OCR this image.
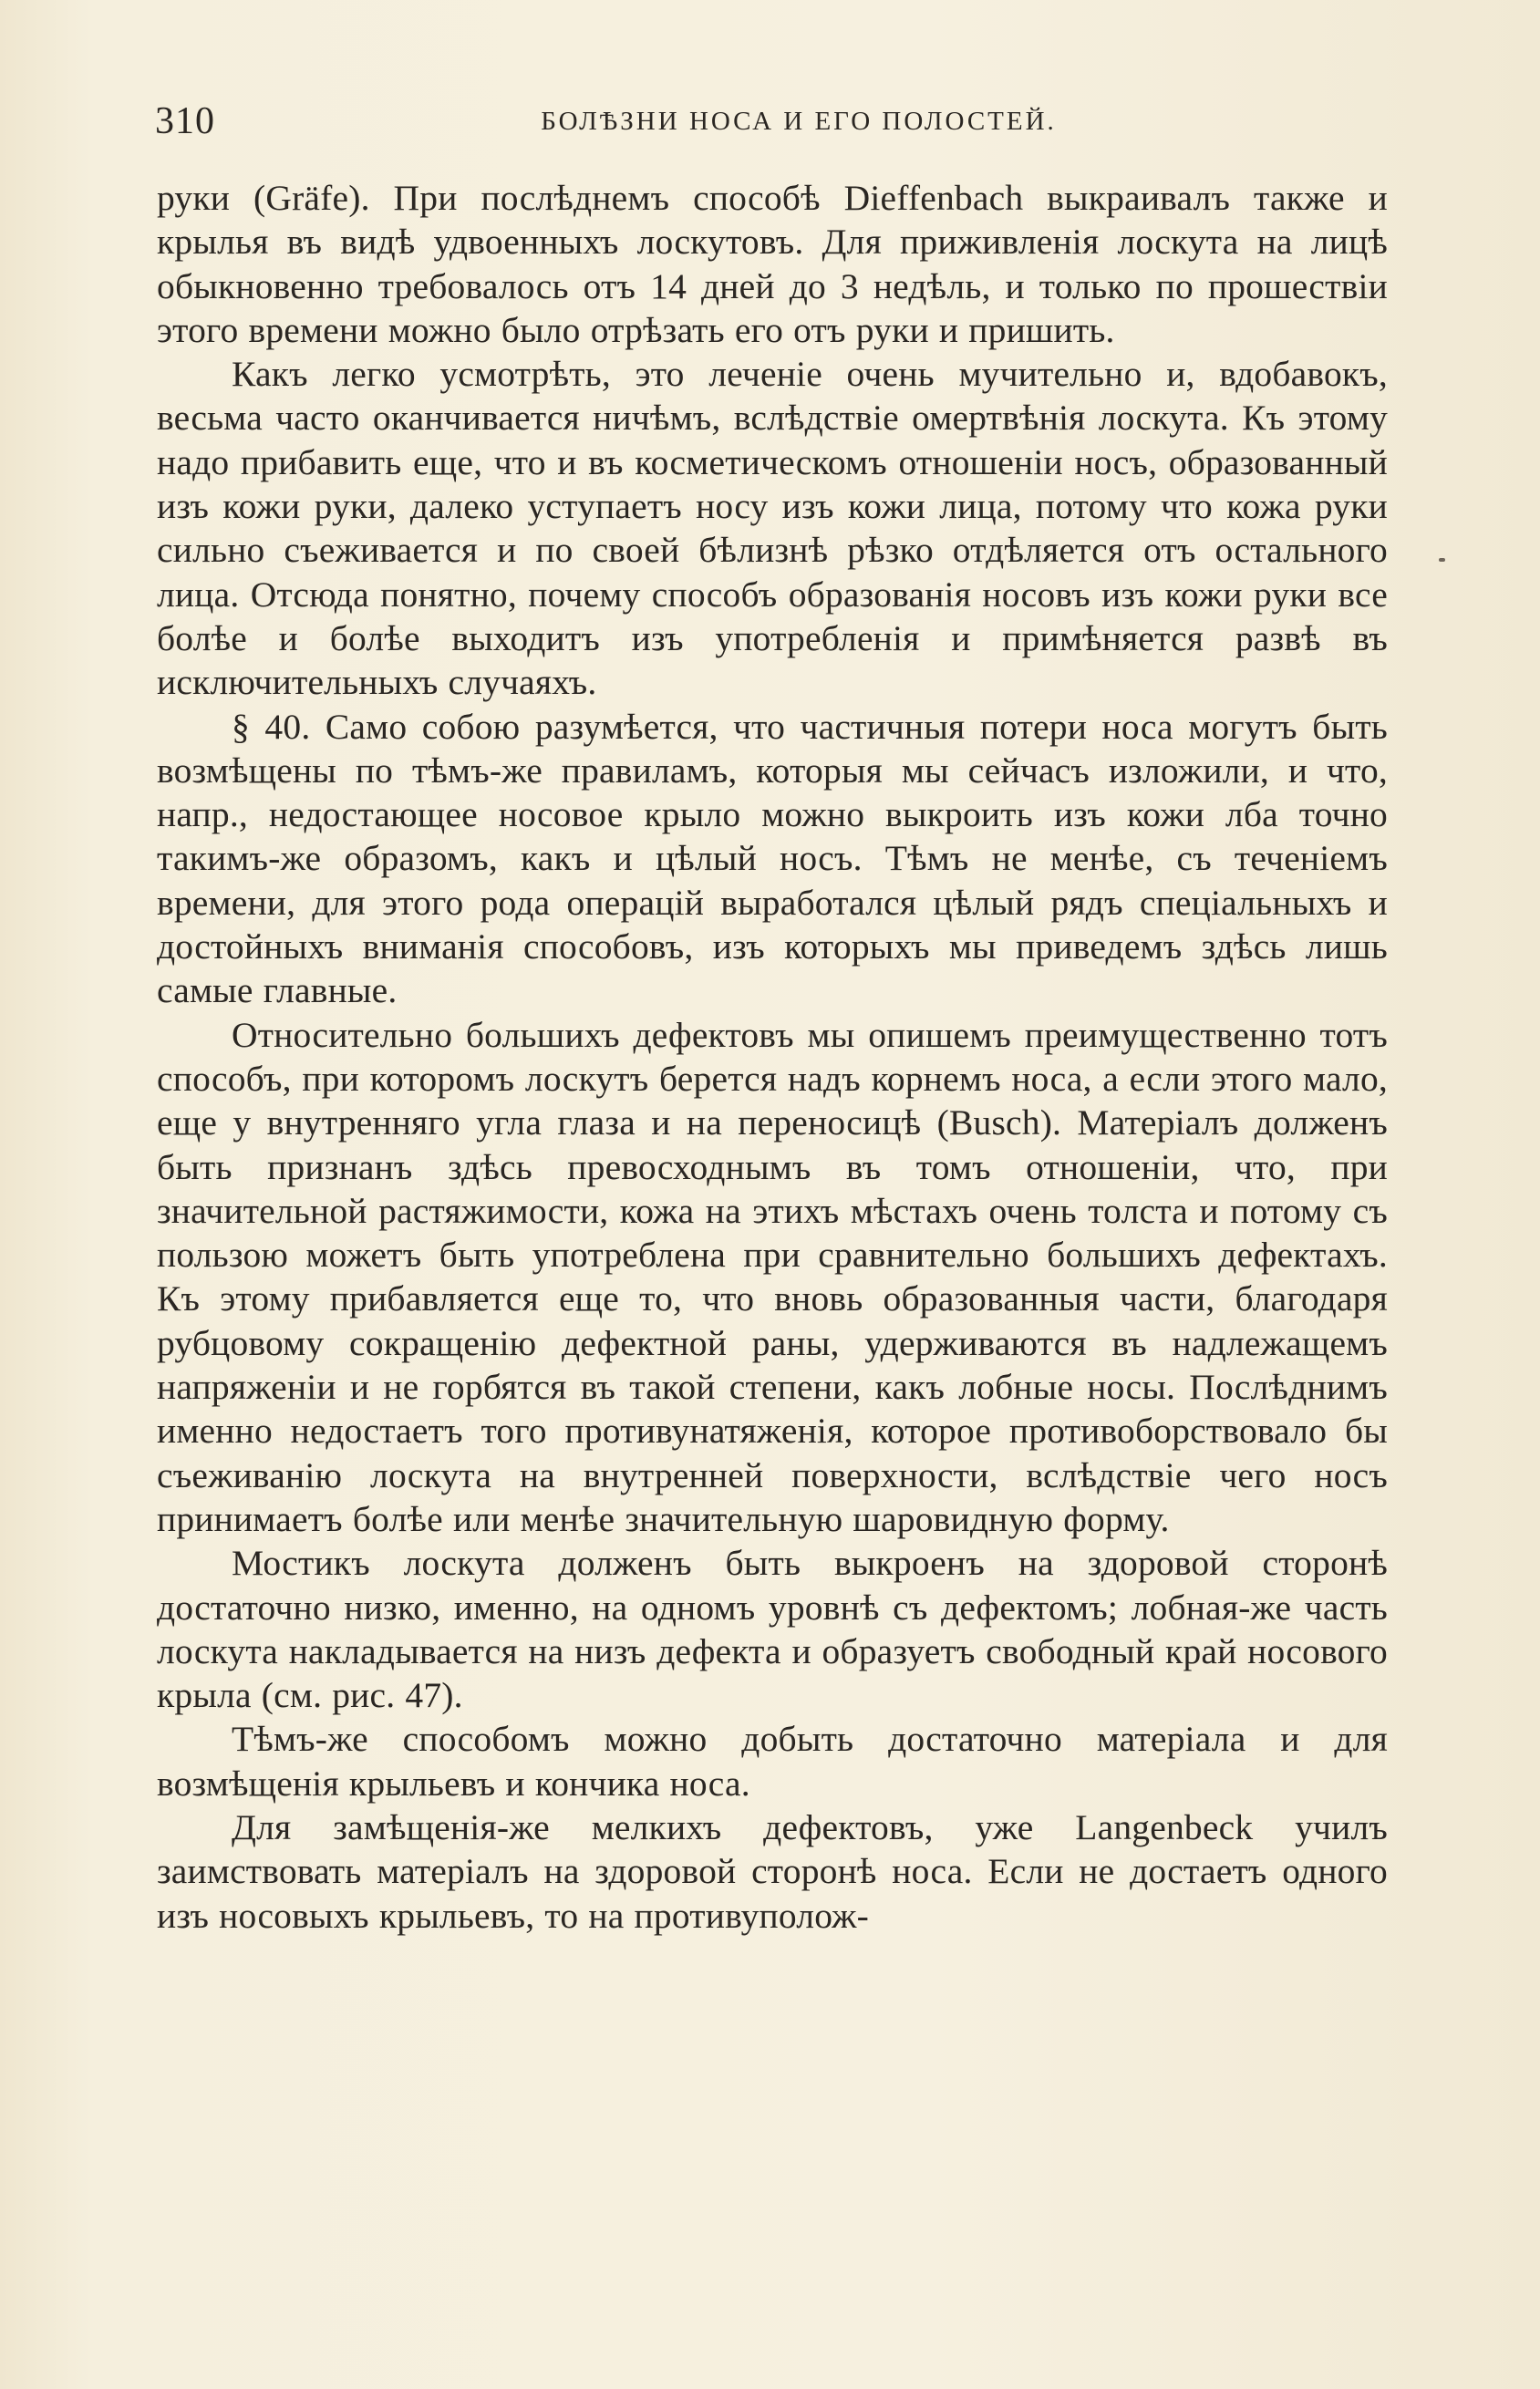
310	БОЛѢЗНИ НОСА И ЕГО ПОЛОСТЕЙ.

руки (Gräfe). При послѣднемъ способѣ Dieffenbach выкраивалъ также и крылья въ видѣ удвоенныхъ лоскутовъ. Для приживленія лоскута на лицѣ обыкновенно требовалось отъ 14 дней до 3 недѣль, и только по прошествіи этого времени можно было отрѣзать его отъ руки и пришить.

Какъ легко усмотрѣть, это леченіе очень мучительно и, вдобавокъ, весьма часто оканчивается ничѣмъ, вслѣдствіе омертвѣнія лоскута. Къ этому надо прибавить еще, что и въ косметическомъ отношеніи носъ, образованный изъ кожи руки, далеко уступаетъ носу изъ кожи лица, потому что кожа руки сильно съеживается и по своей бѣлизнѣ рѣзко отдѣляется отъ остального лица. Отсюда понятно, почему способъ образованія носовъ изъ кожи руки все болѣе и болѣе выходитъ изъ употребленія и примѣняется развѣ въ исключительныхъ случаяхъ.

§ 40. Само собою разумѣется, что частичныя потери носа могутъ быть возмѣщены по тѣмъ-же правиламъ, которыя мы сейчасъ изложили, и что, напр., недостающее носовое крыло можно выкроить изъ кожи лба точно такимъ-же образомъ, какъ и цѣлый носъ. Тѣмъ не менѣе, съ теченіемъ времени, для этого рода операцій выработался цѣлый рядъ спеціальныхъ и достойныхъ вниманія способовъ, изъ которыхъ мы приведемъ здѣсь лишь самые главные.

Относительно большихъ дефектовъ мы опишемъ преимущественно тотъ способъ, при которомъ лоскутъ берется надъ корнемъ носа, а если этого мало, еще у внутренняго угла глаза и на переносицѣ (Busch). Матеріалъ долженъ быть признанъ здѣсь превосходнымъ въ томъ отношеніи, что, при значительной растяжимости, кожа на этихъ мѣстахъ очень толста и потому съ пользою можетъ быть употреблена при сравнительно большихъ дефектахъ. Къ этому прибавляется еще то, что вновь образованныя части, благодаря рубцовому сокращенію дефектной раны, удерживаются въ надлежащемъ напряженіи и не горбятся въ такой степени, какъ лобные носы. Послѣднимъ именно недостаетъ того противунатяженія, которое противоборствовало бы съеживанію лоскута на внутренней поверхности, вслѣдствіе чего носъ принимаетъ болѣе или менѣе значительную шаровидную форму.

Мостикъ лоскута долженъ быть выкроенъ на здоровой сторонѣ достаточно низко, именно, на одномъ уровнѣ съ дефектомъ; лобная-же часть лоскута накладывается на низъ дефекта и образуетъ свободный край носового крыла (см. рис. 47).

Тѣмъ-же способомъ можно добыть достаточно матеріала и для возмѣщенія крыльевъ и кончика носа.

Для замѣщенія-же мелкихъ дефектовъ, уже Langenbeck училъ заимствовать матеріалъ на здоровой сторонѣ носа. Если не достаетъ одного изъ носовыхъ крыльевъ, то на противуполож-
